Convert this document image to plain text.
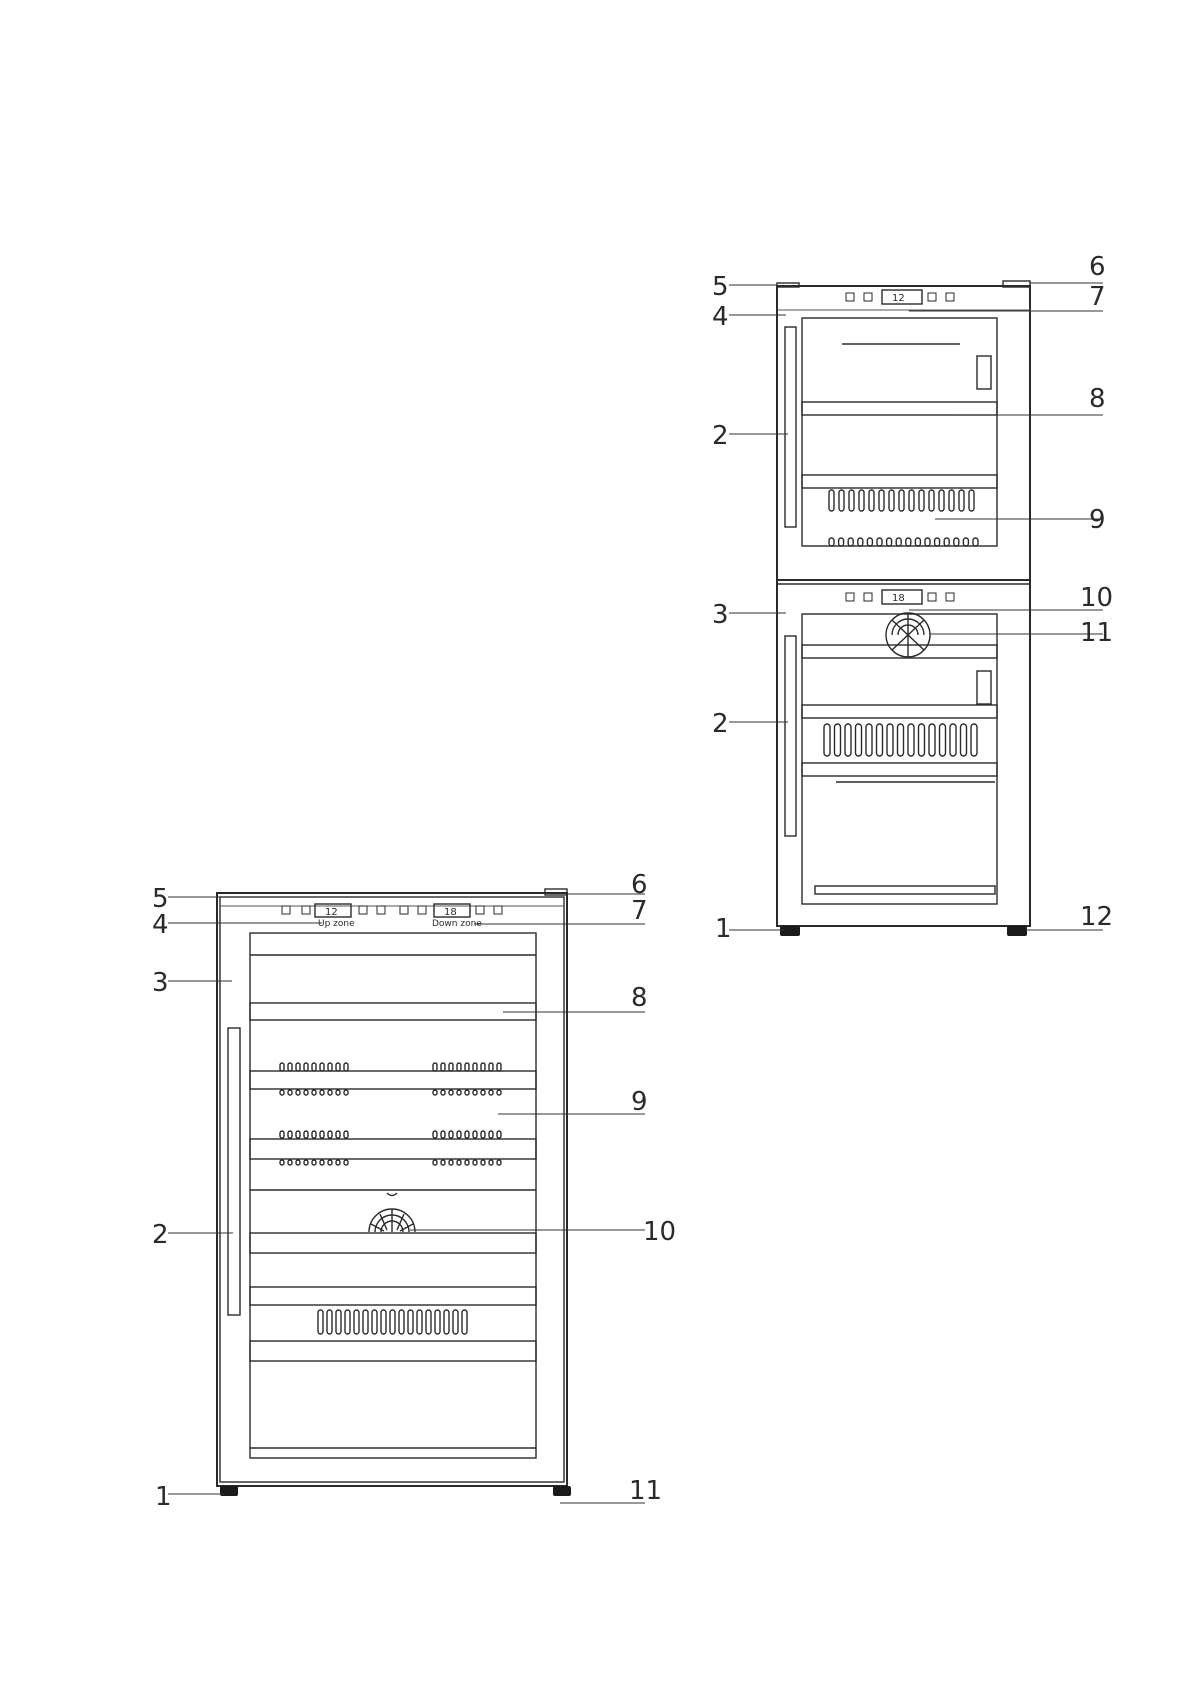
12	18
Up zone	Down zone
5
4
3
2
1
6
7
8
9
10
11
12
18
5
4
2
3
2
1
6
7
8
9
10
11
12
